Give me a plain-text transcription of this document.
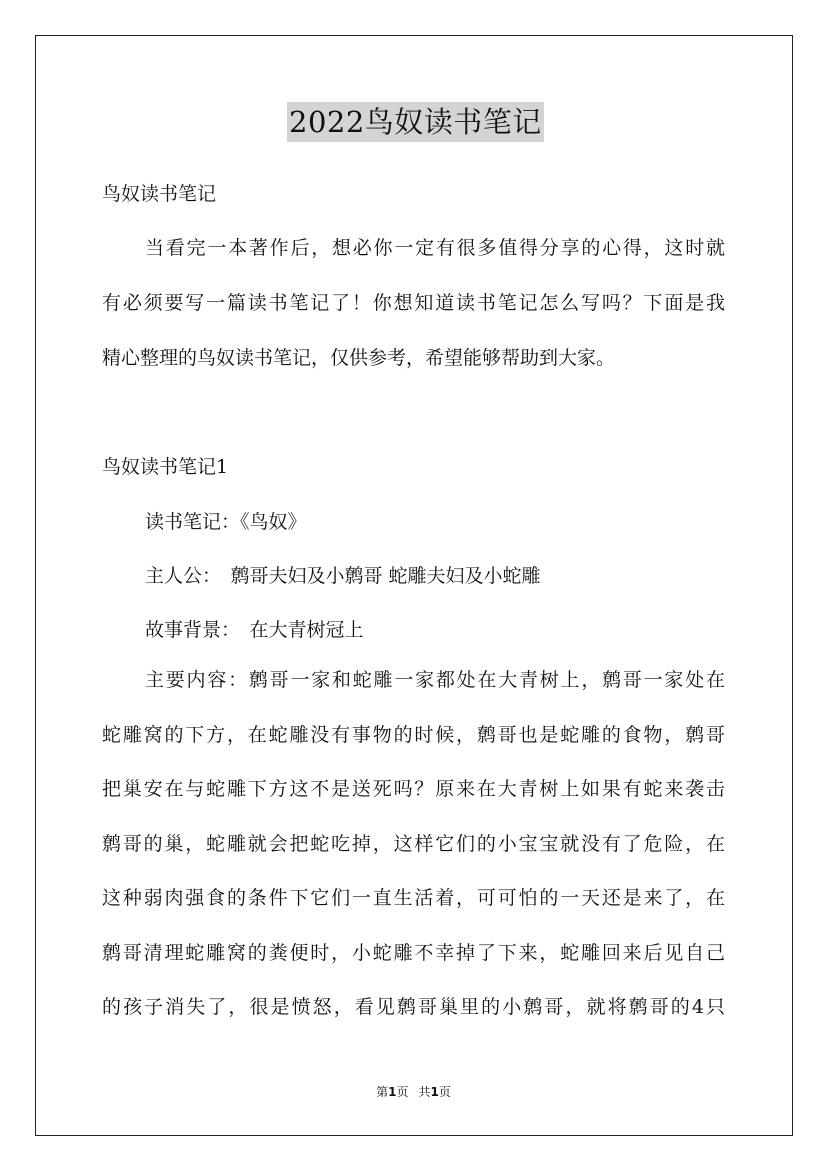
2022鸟奴读书笔记
鸟奴读书笔记
当看完一本著作后，想必你一定有很多值得分享的心得，这时就
有必须要写一篇读书笔记了！你想知道读书笔记怎么写吗？下面是我
精心整理的鸟奴读书笔记，仅供参考，希望能够帮助到大家。
鸟奴读书笔记1
读书笔记：《鸟奴》
主人公：　鹩哥夫妇及小鹩哥 蛇雕夫妇及小蛇雕
故事背景：　在大青树冠上
主要内容：鹩哥一家和蛇雕一家都处在大青树上，鹩哥一家处在
蛇雕窝的下方，在蛇雕没有事物的时候，鹩哥也是蛇雕的食物，鹩哥
把巢安在与蛇雕下方这不是送死吗？原来在大青树上如果有蛇来袭击
鹩哥的巢，蛇雕就会把蛇吃掉，这样它们的小宝宝就没有了危险，在
这种弱肉强食的条件下它们一直生活着，可可怕的一天还是来了，在
鹩哥清理蛇雕窝的粪便时，小蛇雕不幸掉了下来，蛇雕回来后见自己
的孩子消失了，很是愤怒，看见鹩哥巢里的小鹩哥，就将鹩哥的4只
第1页 共1页
